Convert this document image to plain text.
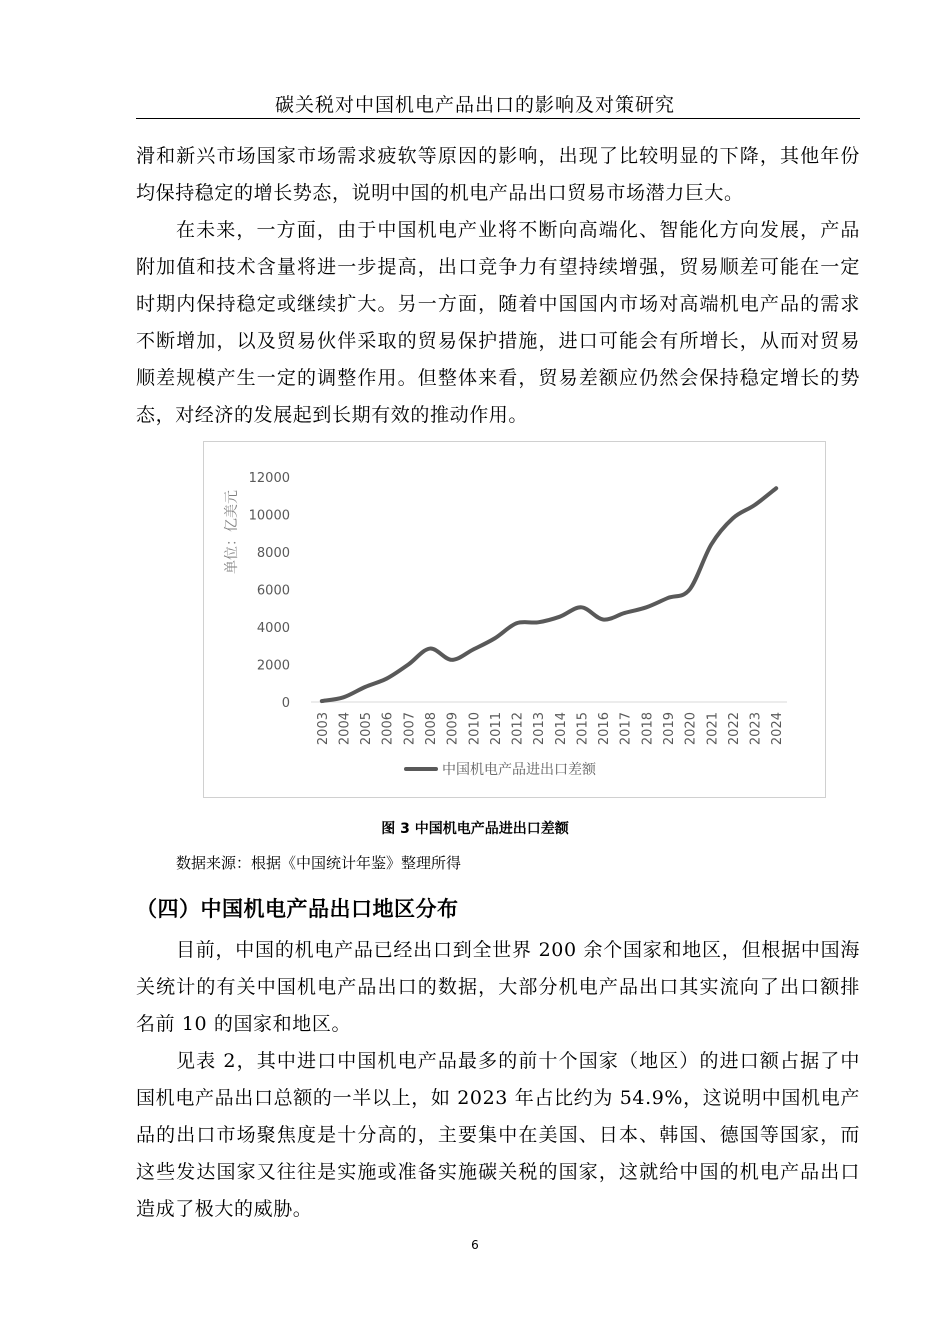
碳关税对中国机电产品出口的影响及对策研究

滑和新兴市场国家市场需求疲软等原因的影响，出现了比较明显的下降，其他年份均保持稳定的增长势态，说明中国的机电产品出口贸易市场潜力巨大。

在未来，一方面，由于中国机电产业将不断向高端化、智能化方向发展，产品附加值和技术含量将进一步提高，出口竞争力有望持续增强，贸易顺差可能在一定时期内保持稳定或继续扩大。另一方面，随着中国国内市场对高端机电产品的需求不断增加，以及贸易伙伴采取的贸易保护措施，进口可能会有所增长，从而对贸易顺差规模产生一定的调整作用。但整体来看，贸易差额应仍然会保持稳定增长的势态，对经济的发展起到长期有效的推动作用。

单位：亿美元
0
2000
4000
6000
8000
10000
12000
2003 2004 2005 2006 2007 2008 2009 2010 2011 2012 2013 2014 2015 2016 2017 2018 2019 2020 2021 2022 2023 2024
中国机电产品进出口差额
图 3 中国机电产品进出口差额
数据来源：根据《中国统计年鉴》整理所得
（四）中国机电产品出口地区分布

目前，中国的机电产品已经出口到全世界 200 余个国家和地区，但根据中国海关统计的有关中国机电产品出口的数据，大部分机电产品出口其实流向了出口额排名前 10 的国家和地区。

见表 2，其中进口中国机电产品最多的前十个国家（地区）的进口额占据了中国机电产品出口总额的一半以上，如 2023 年占比约为 54.9%，这说明中国机电产品的出口市场聚焦度是十分高的，主要集中在美国、日本、韩国、德国等国家，而这些发达国家又往往是实施或准备实施碳关税的国家，这就给中国的机电产品出口造成了极大的威胁。

6
